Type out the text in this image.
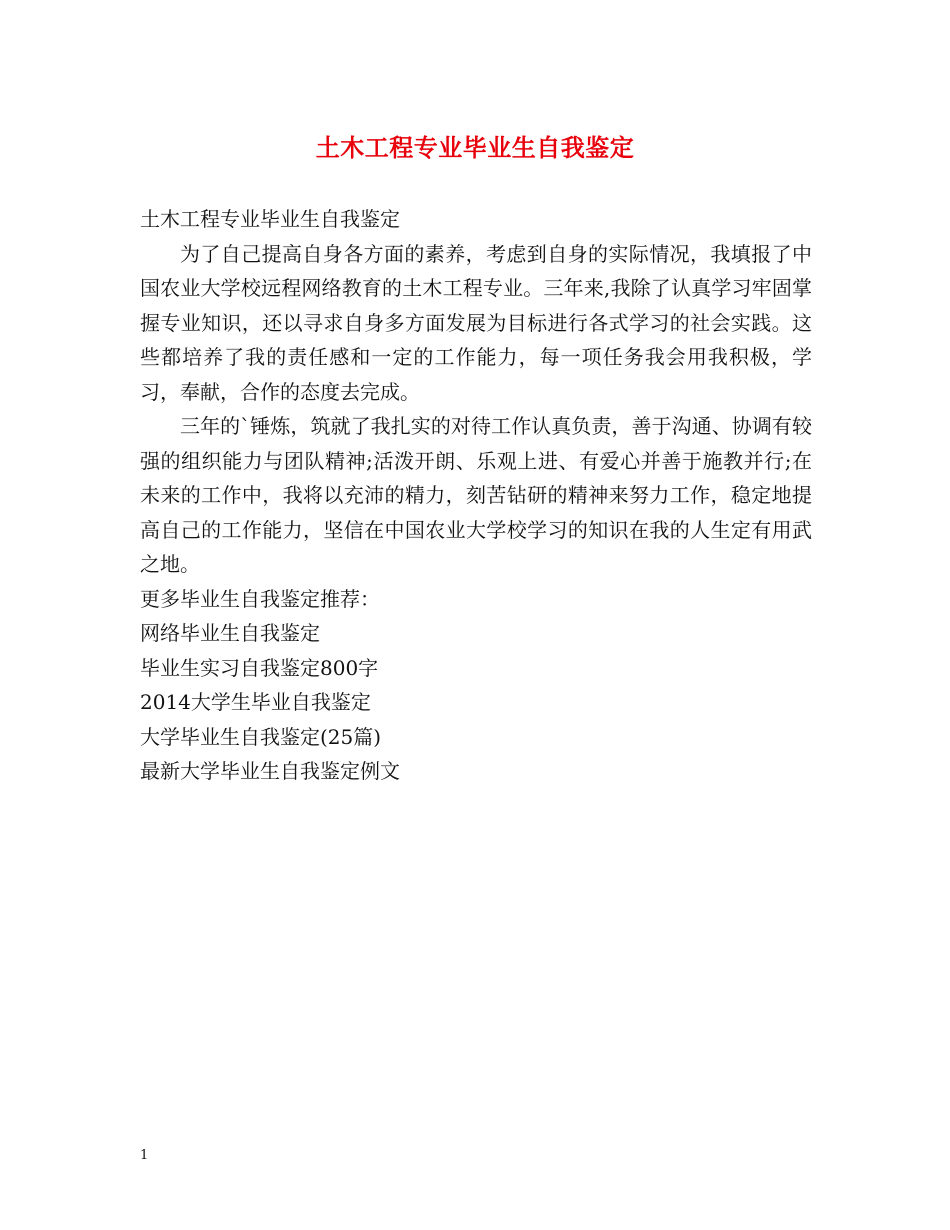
土木工程专业毕业生自我鉴定

土木工程专业毕业生自我鉴定

为了自己提高自身各方面的素养，考虑到自身的实际情况，我填报了中国农业大学校远程网络教育的土木工程专业。三年来,我除了认真学习牢固掌握专业知识，还以寻求自身多方面发展为目标进行各式学习的社会实践。这些都培养了我的责任感和一定的工作能力，每一项任务我会用我积极，学习，奉献，合作的态度去完成。

三年的`锤炼，筑就了我扎实的对待工作认真负责，善于沟通、协调有较强的组织能力与团队精神;活泼开朗、乐观上进、有爱心并善于施教并行;在未来的工作中，我将以充沛的精力，刻苦钻研的精神来努力工作，稳定地提高自己的工作能力，坚信在中国农业大学校学习的知识在我的人生定有用武之地。

更多毕业生自我鉴定推荐：

网络毕业生自我鉴定

毕业生实习自我鉴定800字

2014大学生毕业自我鉴定

大学毕业生自我鉴定(25篇)

最新大学毕业生自我鉴定例文

1
